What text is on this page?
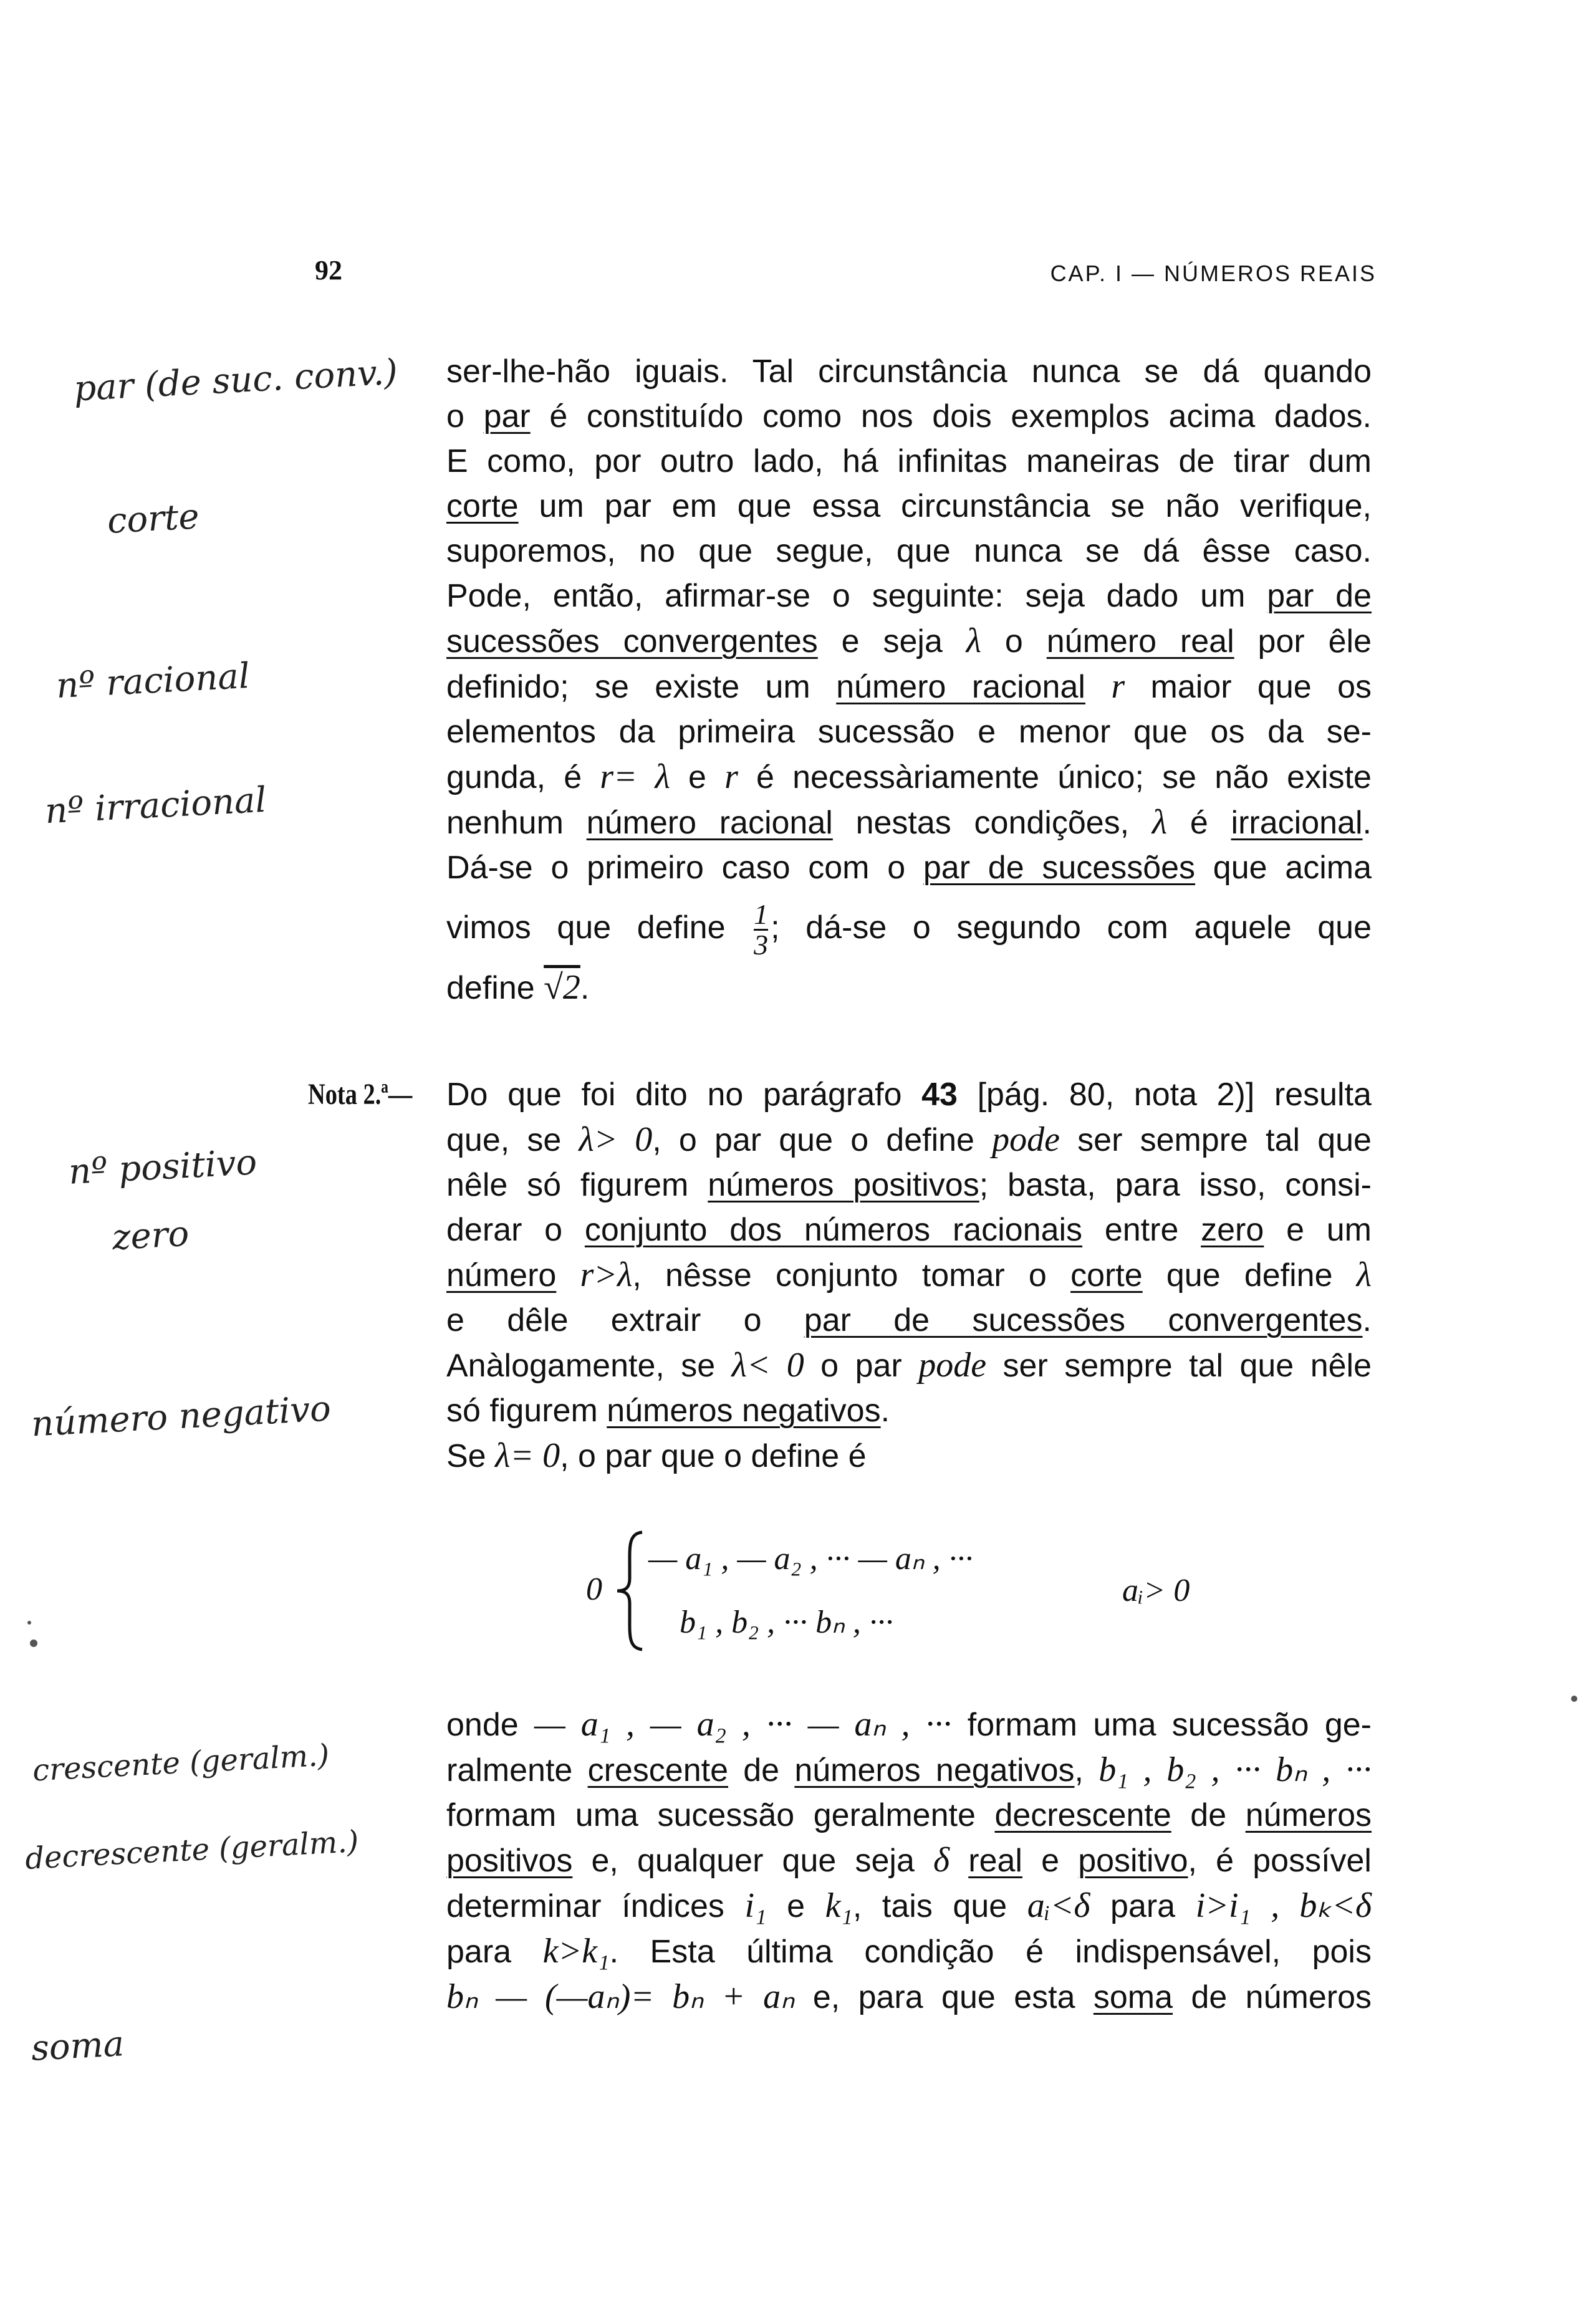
92	CAP. I — NÚMEROS REAIS
ser-lhe-hão iguais. Tal circunstância nunca se dá quando
o par é constituído como nos dois exemplos acima dados.
E como, por outro lado, há infinitas maneiras de tirar dum
corte um par em que essa circunstância se não verifique,
suporemos, no que segue, que nunca se dá êsse caso.
Pode, então, afirmar-se o seguinte: seja dado um par de
sucessões convergentes e seja λ o número real por êle
definido; se existe um número racional r maior que os
elementos da primeira sucessão e menor que os da se-
gunda, é r= λ e r é necessàriamente único; se não existe
nenhum número racional nestas condições, λ é irracional.
Dá-se o primeiro caso com o par de sucessões que acima
vimos que define $\frac{1}{3}$ ; dá-se o segundo com aquele que
define √2.
Nota 2.ª— Do que foi dito no parágrafo 43 [pág. 80, nota 2)] resulta
que, se λ> 0, o par que o define pode ser sempre tal que
nêle só figurem números positivos; basta, para isso, consi-
derar o conjunto dos números racionais entre zero e um
número r>λ, nêsse conjunto tomar o corte que define λ
e dêle extrair o par de sucessões convergentes.
Anàlogamente, se λ< 0 o par pode ser sempre tal que nêle
só figurem números negativos.
Se λ= 0, o par que o define é
0
— a₁ , — a₂ , ··· — aₙ , ···
b₁ , b₂ , ··· bₙ , ···
aᵢ> 0
onde — a₁ , — a₂ , ··· — aₙ , ··· formam uma sucessão ge-
ralmente crescente de números negativos, b₁ , b₂ , ··· bₙ , ···
formam uma sucessão geralmente decrescente de números
positivos e, qualquer que seja δ real e positivo, é possível
determinar índices i₁ e k₁, tais que aᵢ<δ para i>i₁ , bₖ<δ
para k>k₁. Esta última condição é indispensável, pois
bₙ — (—aₙ)= bₙ + aₙ e, para que esta soma de números
par (de suc. conv.)
corte
nº racional
nº irracional
nº positivo
zero
número negativo
crescente (geralm.)
decrescente (geralm.)
soma
